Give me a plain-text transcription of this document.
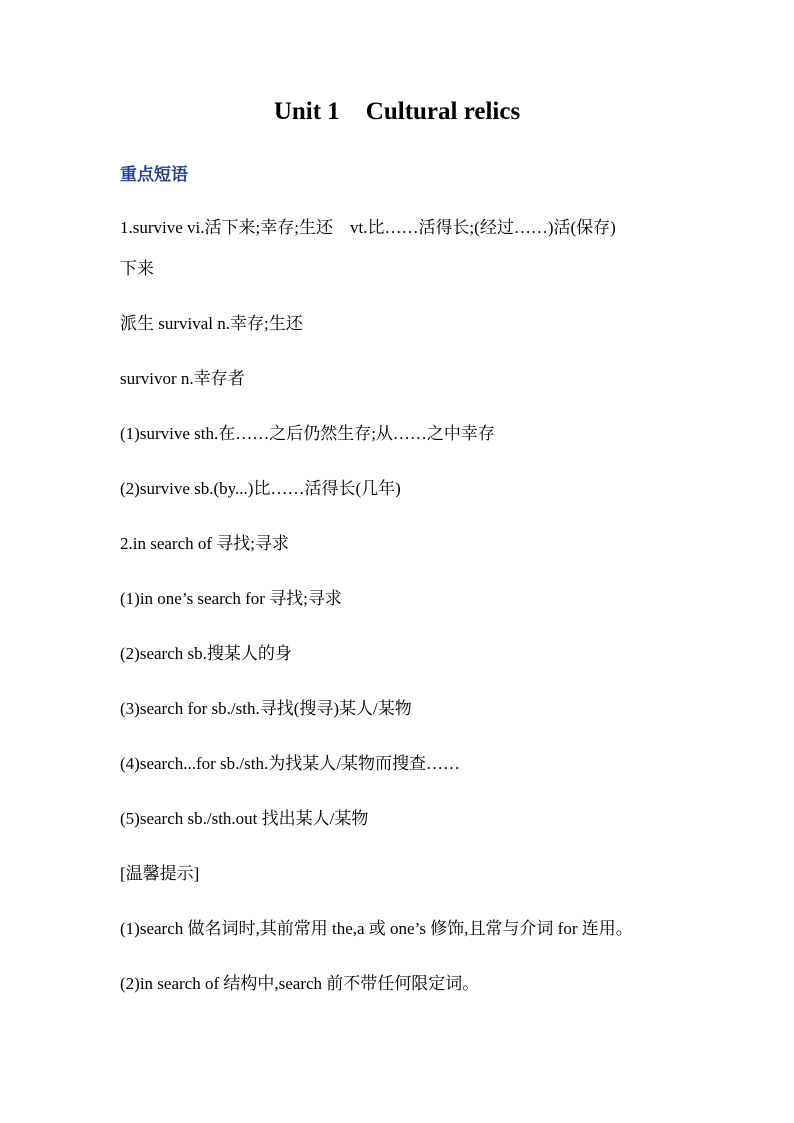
Unit 1 Cultural relics
重点短语
1.survive vi.活下来;幸存;生还　vt.比……活得长;(经过……)活(保存)
下来
派生 survival n.幸存;生还
survivor n.幸存者
(1)survive sth.在……之后仍然生存;从……之中幸存
(2)survive sb.(by...)比……活得长(几年)
2.in search of 寻找;寻求
(1)in one’s search for 寻找;寻求
(2)search sb.搜某人的身
(3)search for sb./sth.寻找(搜寻)某人/某物
(4)search...for sb./sth.为找某人/某物而搜查……
(5)search sb./sth.out 找出某人/某物
[温馨提示]
(1)search 做名词时,其前常用 the,a 或 one’s 修饰,且常与介词 for 连用。
(2)in search of 结构中,search 前不带任何限定词。
